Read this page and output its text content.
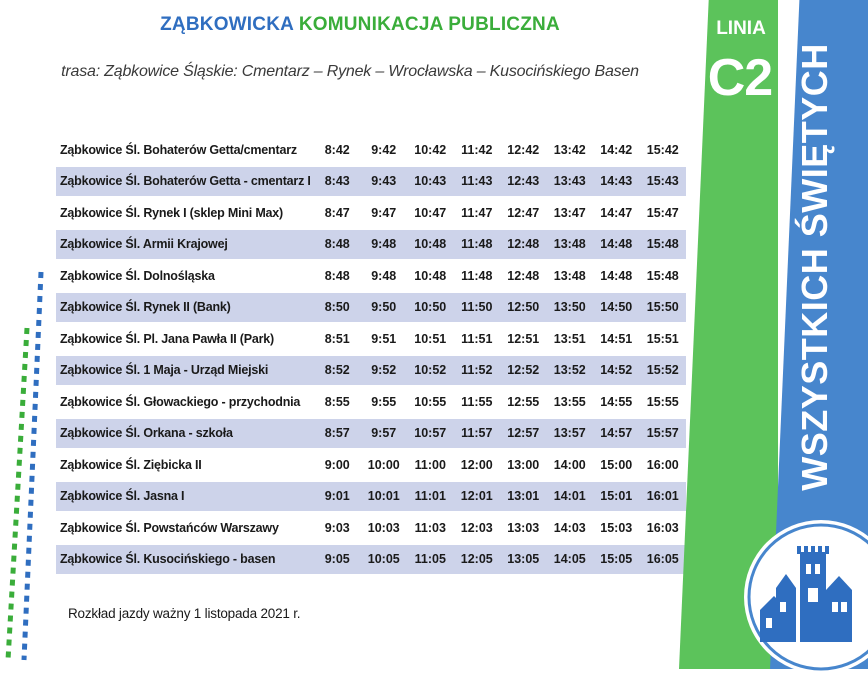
ZĄBKOWICKA KOMUNIKACJA PUBLICZNA
trasa: Ząbkowice Śląskie: Cmentarz – Rynek – Wrocławska – Kusocińskiego Basen
Ząbkowice Śl. Bohaterów Getta/cmentarz	8:42	9:42	10:42	11:42	12:42	13:42	14:42	15:42
Ząbkowice Śl. Bohaterów Getta - cmentarz I	8:43	9:43	10:43	11:43	12:43	13:43	14:43	15:43
Ząbkowice Śl. Rynek I (sklep Mini Max)	8:47	9:47	10:47	11:47	12:47	13:47	14:47	15:47
Ząbkowice Śl. Armii Krajowej	8:48	9:48	10:48	11:48	12:48	13:48	14:48	15:48
Ząbkowice Śl. Dolnośląska	8:48	9:48	10:48	11:48	12:48	13:48	14:48	15:48
Ząbkowice Śl. Rynek II (Bank)	8:50	9:50	10:50	11:50	12:50	13:50	14:50	15:50
Ząbkowice Śl. Pl. Jana Pawła II (Park)	8:51	9:51	10:51	11:51	12:51	13:51	14:51	15:51
Ząbkowice Śl. 1 Maja - Urząd Miejski	8:52	9:52	10:52	11:52	12:52	13:52	14:52	15:52
Ząbkowice Śl. Głowackiego - przychodnia	8:55	9:55	10:55	11:55	12:55	13:55	14:55	15:55
Ząbkowice Śl. Orkana - szkoła	8:57	9:57	10:57	11:57	12:57	13:57	14:57	15:57
Ząbkowice Śl. Ziębicka II	9:00	10:00	11:00	12:00	13:00	14:00	15:00	16:00
Ząbkowice Śl. Jasna I	9:01	10:01	11:01	12:01	13:01	14:01	15:01	16:01
Ząbkowice Śl. Powstańców Warszawy	9:03	10:03	11:03	12:03	13:03	14:03	15:03	16:03
Ząbkowice Śl. Kusocińskiego - basen	9:05	10:05	11:05	12:05	13:05	14:05	15:05	16:05
Rozkład jazdy ważny 1 listopada 2021 r.
LINIA
C2 WSZYSTKICH ŚWIĘTYCH
